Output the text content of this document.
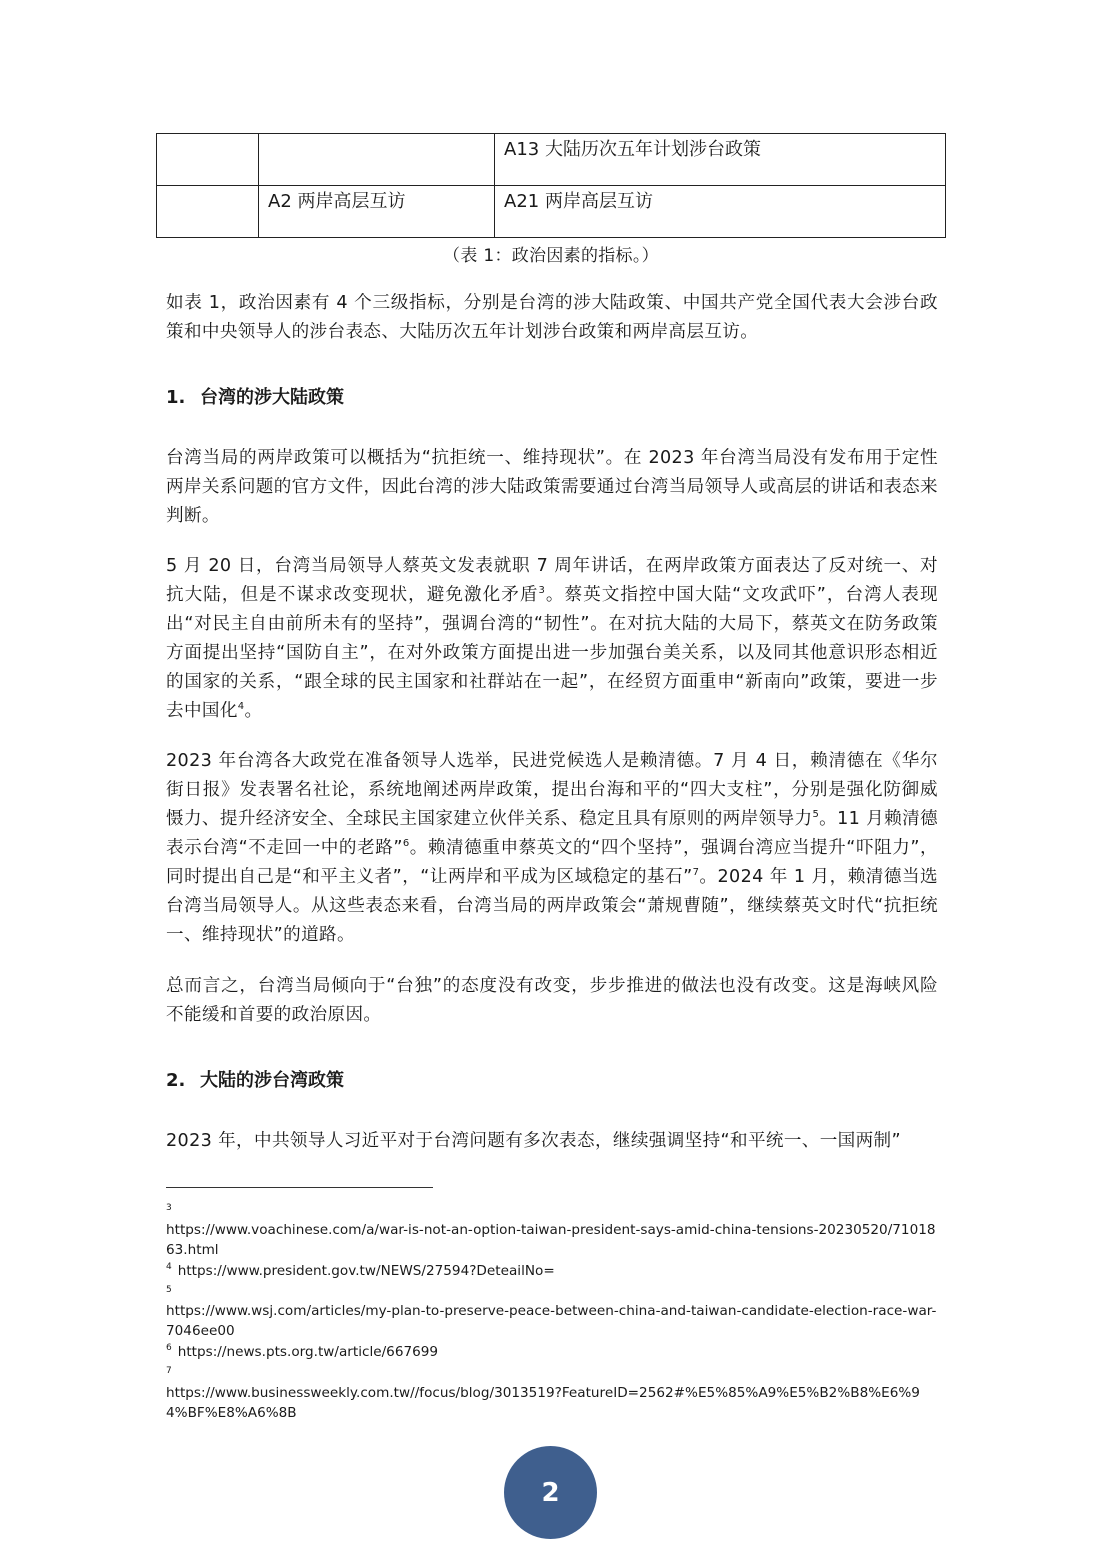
		A13 大陆历次五年计划涉台政策
	A2 两岸高层互访	A21 两岸高层互访
（表 1：政治因素的指标。）

如表 1，政治因素有 4 个三级指标，分别是台湾的涉大陆政策、中国共产党全国代表大会涉台政策和中央领导人的涉台表态、大陆历次五年计划涉台政策和两岸高层互访。

1. 台湾的涉大陆政策

台湾当局的两岸政策可以概括为“抗拒统一、维持现状”。在 2023 年台湾当局没有发布用于定性两岸关系问题的官方文件，因此台湾的涉大陆政策需要通过台湾当局领导人或高层的讲话和表态来判断。

5 月 20 日，台湾当局领导人蔡英文发表就职 7 周年讲话，在两岸政策方面表达了反对统一、对抗大陆，但是不谋求改变现状，避免激化矛盾$^3$。蔡英文指控中国大陆“文攻武吓”，台湾人表现出“对民主自由前所未有的坚持”，强调台湾的“韧性”。在对抗大陆的大局下，蔡英文在防务政策方面提出坚持“国防自主”，在对外政策方面提出进一步加强台美关系，以及同其他意识形态相近的国家的关系，“跟全球的民主国家和社群站在一起”，在经贸方面重申“新南向”政策，要进一步去中国化$^4$。

2023 年台湾各大政党在准备领导人选举，民进党候选人是赖清德。7 月 4 日，赖清德在《华尔街日报》发表署名社论，系统地阐述两岸政策，提出台海和平的“四大支柱”，分别是强化防御威慑力、提升经济安全、全球民主国家建立伙伴关系、稳定且具有原则的两岸领导力$^5$。11 月赖清德表示台湾“不走回一中的老路”$^6$。赖清德重申蔡英文的“四个坚持”，强调台湾应当提升“吓阻力”，同时提出自己是“和平主义者”，“让两岸和平成为区域稳定的基石”$^7$。2024 年 1 月，赖清德当选台湾当局领导人。从这些表态来看，台湾当局的两岸政策会“萧规曹随”，继续蔡英文时代“抗拒统一、维持现状”的道路。

总而言之，台湾当局倾向于“台独”的态度没有改变，步步推进的做法也没有改变。这是海峡风险不能缓和首要的政治原因。

2. 大陆的涉台湾政策

2023 年，中共领导人习近平对于台湾问题有多次表态，继续强调坚持“和平统一、一国两制”

3

https://www.voachinese.com/a/war-is-not-an-option-taiwan-president-says-amid-china-tensions-20230520/7101863.html

$^4$ https://www.president.gov.tw/NEWS/27594?DeteailNo=

5

https://www.wsj.com/articles/my-plan-to-preserve-peace-between-china-and-taiwan-candidate-election-race-war-7046ee00

$^6$ https://news.pts.org.tw/article/667699

7

https://www.businessweekly.com.tw//focus/blog/3013519?FeatureID=2562#%E5%85%A9%E5%B2%B8%E6%94%BF%E8%A6%8B

2
